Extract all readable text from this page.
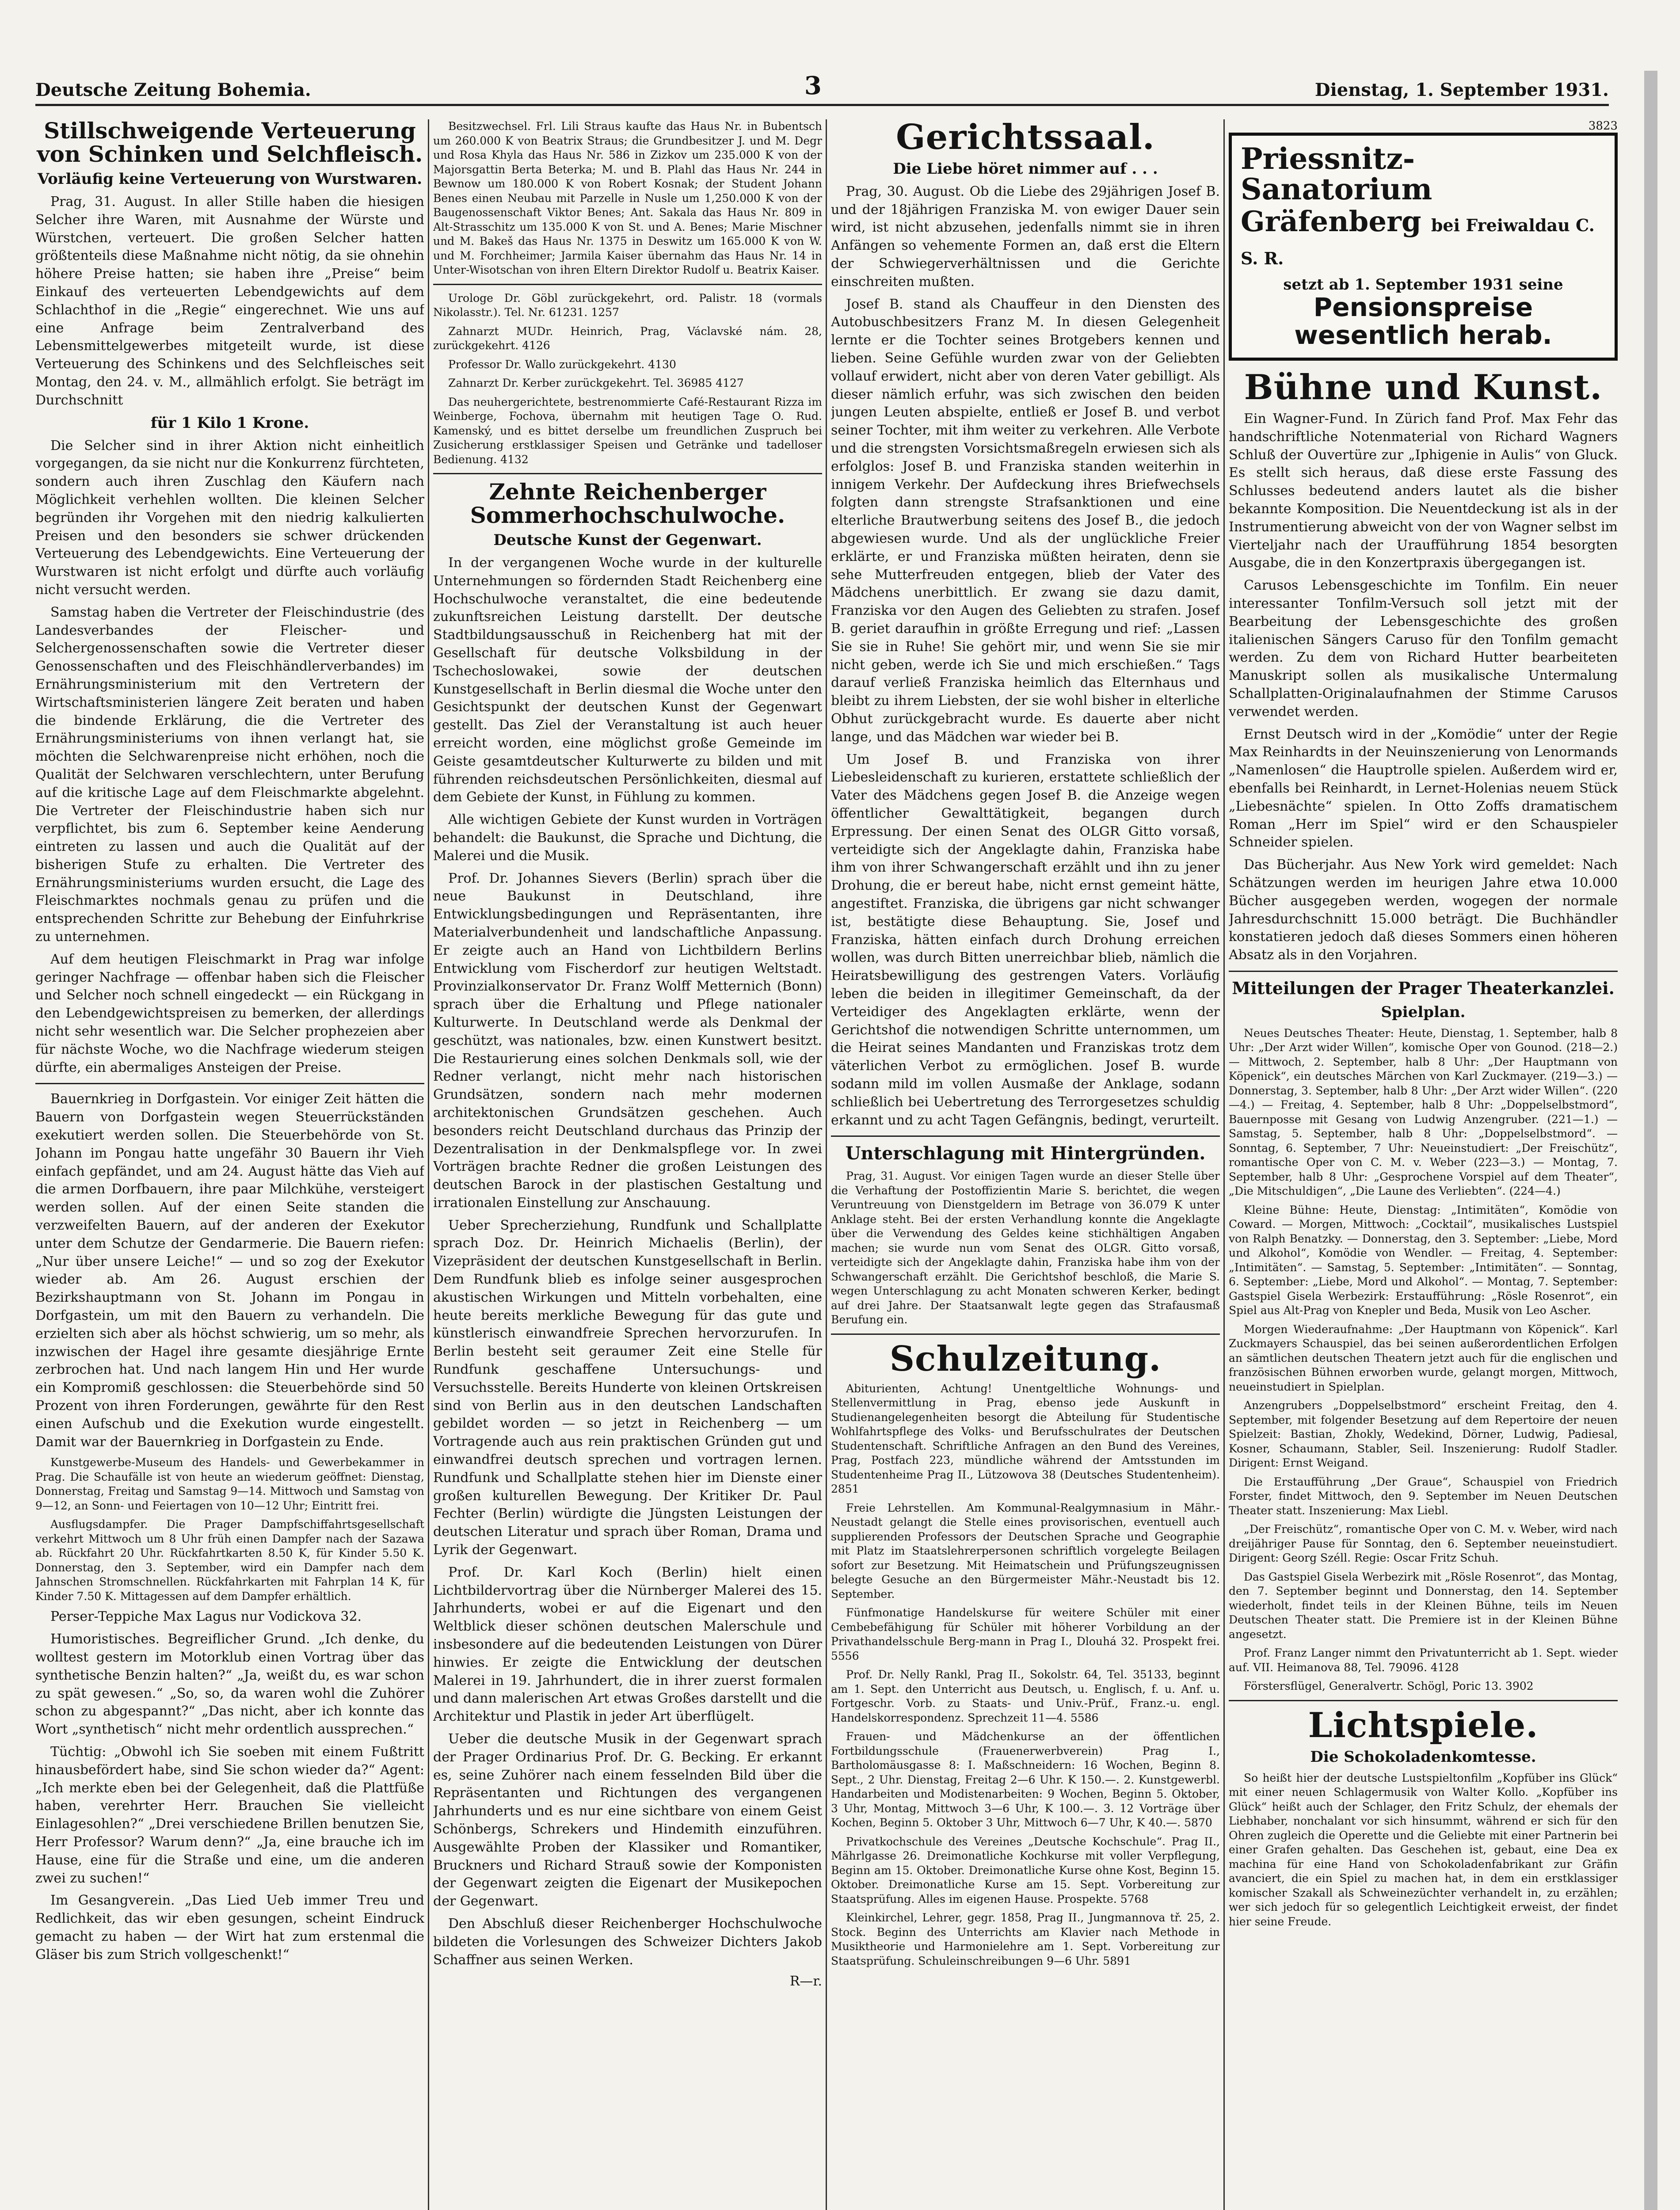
Deutsche Zeitung Bohemia.	3	Dienstag, 1. September 1931.
Stillschweigende Verteuerung von Schinken und Selchfleisch.
Vorläufig keine Verteuerung von Wurstwaren.

Prag, 31. August. In aller Stille haben die hiesigen Selcher ihre Waren, mit Ausnahme der Würste und Würstchen, verteuert. Die großen Selcher hatten größtenteils diese Maßnahme nicht nötig, da sie ohnehin höhere Preise hatten; sie haben ihre „Preise“ beim Einkauf des verteuerten Lebendgewichts auf dem Schlachthof in die „Regie“ eingerechnet. Wie uns auf eine Anfrage beim Zentralverband des Lebensmittelgewerbes mitgeteilt wurde, ist diese Verteuerung des Schinkens und des Selchfleisches seit Montag, den 24. v. M., allmählich erfolgt. Sie beträgt im Durchschnitt

für 1 Kilo 1 Krone.

Die Selcher sind in ihrer Aktion nicht einheitlich vorgegangen, da sie nicht nur die Konkurrenz fürchteten, sondern auch ihren Zuschlag den Käufern nach Möglichkeit verhehlen wollten. Die kleinen Selcher begründen ihr Vorgehen mit den niedrig kalkulierten Preisen und den besonders sie schwer drückenden Verteuerung des Lebendgewichts. Eine Verteuerung der Wurstwaren ist nicht erfolgt und dürfte auch vorläufig nicht versucht werden.

Samstag haben die Vertreter der Fleischindustrie (des Landesverbandes der Fleischer- und Selchergenossenschaften sowie die Vertreter dieser Genossenschaften und des Fleischhändlerverbandes) im Ernährungsministerium mit den Vertretern der Wirtschaftsministerien längere Zeit beraten und haben die bindende Erklärung, die die Vertreter des Ernährungsministeriums von ihnen verlangt hat, sie möchten die Selchwarenpreise nicht erhöhen, noch die Qualität der Selchwaren verschlechtern, unter Berufung auf die kritische Lage auf dem Fleischmarkte abgelehnt. Die Vertreter der Fleischindustrie haben sich nur verpflichtet, bis zum 6. September keine Aenderung eintreten zu lassen und auch die Qualität auf der bisherigen Stufe zu erhalten. Die Vertreter des Ernährungsministeriums wurden ersucht, die Lage des Fleischmarktes nochmals genau zu prüfen und die entsprechenden Schritte zur Behebung der Einfuhrkrise zu unternehmen.

Auf dem heutigen Fleischmarkt in Prag war infolge geringer Nachfrage — offenbar haben sich die Fleischer und Selcher noch schnell eingedeckt — ein Rückgang in den Lebendgewichtspreisen zu bemerken, der allerdings nicht sehr wesentlich war. Die Selcher prophezeien aber für nächste Woche, wo die Nachfrage wiederum steigen dürfte, ein abermaliges Ansteigen der Preise.

Bauernkrieg in Dorfgastein. Vor einiger Zeit hätten die Bauern von Dorfgastein wegen Steuerrückständen exekutiert werden sollen. Die Steuerbehörde von St. Johann im Pongau hatte ungefähr 30 Bauern ihr Vieh einfach gepfändet, und am 24. August hätte das Vieh auf die armen Dorfbauern, ihre paar Milchkühe, versteigert werden sollen. Auf der einen Seite standen die verzweifelten Bauern, auf der anderen der Exekutor unter dem Schutze der Gendarmerie. Die Bauern riefen: „Nur über unsere Leiche!“ — und so zog der Exekutor wieder ab. Am 26. August erschien der Bezirkshauptmann von St. Johann im Pongau in Dorfgastein, um mit den Bauern zu verhandeln. Die erzielten sich aber als höchst schwierig, um so mehr, als inzwischen der Hagel ihre gesamte diesjährige Ernte zerbrochen hat. Und nach langem Hin und Her wurde ein Kompromiß geschlossen: die Steuerbehörde sind 50 Prozent von ihren Forderungen, gewährte für den Rest einen Aufschub und die Exekution wurde eingestellt. Damit war der Bauernkrieg in Dorfgastein zu Ende.

Kunstgewerbe-Museum des Handels- und Gewerbekammer in Prag. Die Schaufälle ist von heute an wiederum geöffnet: Dienstag, Donnerstag, Freitag und Samstag 9—14. Mittwoch und Samstag von 9—12, an Sonn- und Feiertagen von 10—12 Uhr; Eintritt frei.

Ausflugsdampfer. Die Prager Dampfschiffahrtsgesellschaft verkehrt Mittwoch um 8 Uhr früh einen Dampfer nach der Sazawa ab. Rückfahrt 20 Uhr. Rückfahrtkarten 8.50 K, für Kinder 5.50 K. Donnerstag, den 3. September, wird ein Dampfer nach dem Jahnschen Stromschnellen. Rückfahrkarten mit Fahrplan 14 K, für Kinder 7.50 K. Mittagessen auf dem Dampfer erhältlich.

Perser-Teppiche Max Lagus nur Vodickova 32.

Humoristisches. Begreiflicher Grund. „Ich denke, du wolltest gestern im Motorklub einen Vortrag über das synthetische Benzin halten?“ „Ja, weißt du, es war schon zu spät gewesen.“ „So, so, da waren wohl die Zuhörer schon zu abgespannt?“ „Das nicht, aber ich konnte das Wort „synthetisch“ nicht mehr ordentlich aussprechen.“

Tüchtig: „Obwohl ich Sie soeben mit einem Fußtritt hinausbefördert habe, sind Sie schon wieder da?“ Agent: „Ich merkte eben bei der Gelegenheit, daß die Plattfüße haben, verehrter Herr. Brauchen Sie vielleicht Einlagesohlen?“ „Drei verschiedene Brillen benutzen Sie, Herr Professor? Warum denn?“ „Ja, eine brauche ich im Hause, eine für die Straße und eine, um die anderen zwei zu suchen!“

Im Gesangverein. „Das Lied Ueb immer Treu und Redlichkeit, das wir eben gesungen, scheint Eindruck gemacht zu haben — der Wirt hat zum erstenmal die Gläser bis zum Strich vollgeschenkt!“

Besitzwechsel. Frl. Lili Straus kaufte das Haus Nr. in Bubentsch um 260.000 K von Beatrix Straus; die Grundbesitzer J. und M. Degr und Rosa Khyla das Haus Nr. 586 in Zizkov um 235.000 K von der Majorsgattin Berta Beterka; M. und B. Plahl das Haus Nr. 244 in Bewnow um 180.000 K von Robert Kosnak; der Student Johann Benes einen Neubau mit Parzelle in Nusle um 1,250.000 K von der Baugenossenschaft Viktor Benes; Ant. Sakala das Haus Nr. 809 in Alt-Strasschitz um 135.000 K von St. und A. Benes; Marie Mischner und M. Bakeš das Haus Nr. 1375 in Deswitz um 165.000 K von W. und M. Forchheimer; Jarmila Kaiser übernahm das Haus Nr. 14 in Unter-Wisotschan von ihren Eltern Direktor Rudolf u. Beatrix Kaiser.

Urologe Dr. Göbl zurückgekehrt, ord. Palistr. 18 (vormals Nikolasstr.). Tel. Nr. 61231. 1257

Zahnarzt MUDr. Heinrich, Prag, Václavské nám. 28, zurückgekehrt. 4126

Professor Dr. Wallo zurückgekehrt. 4130

Zahnarzt Dr. Kerber zurückgekehrt. Tel. 36985 4127

Das neuhergerichtete, bestrenommierte Café-Restaurant Rizza im Weinberge, Fochova, übernahm mit heutigen Tage O. Rud. Kamenský, und es bittet derselbe um freundlichen Zuspruch bei Zusicherung erstklassiger Speisen und Getränke und tadelloser Bedienung. 4132

Zehnte Reichenberger Sommerhochschulwoche.
Deutsche Kunst der Gegenwart.

In der vergangenen Woche wurde in der kulturelle Unternehmungen so fördernden Stadt Reichenberg eine Hochschulwoche veranstaltet, die eine bedeutende zukunftsreichen Leistung darstellt. Der deutsche Stadtbildungsausschuß in Reichenberg hat mit der Gesellschaft für deutsche Volksbildung in der Tschechoslowakei, sowie der deutschen Kunstgesellschaft in Berlin diesmal die Woche unter den Gesichtspunkt der deutschen Kunst der Gegenwart gestellt. Das Ziel der Veranstaltung ist auch heuer erreicht worden, eine möglichst große Gemeinde im Geiste gesamtdeutscher Kulturwerte zu bilden und mit führenden reichsdeutschen Persönlichkeiten, diesmal auf dem Gebiete der Kunst, in Fühlung zu kommen.

Alle wichtigen Gebiete der Kunst wurden in Vorträgen behandelt: die Baukunst, die Sprache und Dichtung, die Malerei und die Musik.

Prof. Dr. Johannes Sievers (Berlin) sprach über die neue Baukunst in Deutschland, ihre Entwicklungsbedingungen und Repräsentanten, ihre Materialverbundenheit und landschaftliche Anpassung. Er zeigte auch an Hand von Lichtbildern Berlins Entwicklung vom Fischerdorf zur heutigen Weltstadt. Provinzialkonservator Dr. Franz Wolff Metternich (Bonn) sprach über die Erhaltung und Pflege nationaler Kulturwerte. In Deutschland werde als Denkmal der geschützt, was nationales, bzw. einen Kunstwert besitzt. Die Restaurierung eines solchen Denkmals soll, wie der Redner verlangt, nicht mehr nach historischen Grundsätzen, sondern nach mehr modernen architektonischen Grundsätzen geschehen. Auch besonders reicht Deutschland durchaus das Prinzip der Dezentralisation in der Denkmalspflege vor. In zwei Vorträgen brachte Redner die großen Leistungen des deutschen Barock in der plastischen Gestaltung und irrationalen Einstellung zur Anschauung.

Ueber Sprecherziehung, Rundfunk und Schallplatte sprach Doz. Dr. Heinrich Michaelis (Berlin), der Vizepräsident der deutschen Kunstgesellschaft in Berlin. Dem Rundfunk blieb es infolge seiner ausgesprochen akustischen Wirkungen und Mitteln vorbehalten, eine heute bereits merkliche Bewegung für das gute und künstlerisch einwandfreie Sprechen hervorzurufen. In Berlin besteht seit geraumer Zeit eine Stelle für Rundfunk geschaffene Untersuchungs- und Versuchsstelle. Bereits Hunderte von kleinen Ortskreisen sind von Berlin aus in den deutschen Landschaften gebildet worden — so jetzt in Reichenberg — um Vortragende auch aus rein praktischen Gründen gut und einwandfrei deutsch sprechen und vortragen lernen. Rundfunk und Schallplatte stehen hier im Dienste einer großen kulturellen Bewegung. Der Kritiker Dr. Paul Fechter (Berlin) würdigte die Jüngsten Leistungen der deutschen Literatur und sprach über Roman, Drama und Lyrik der Gegenwart.

Prof. Dr. Karl Koch (Berlin) hielt einen Lichtbildervortrag über die Nürnberger Malerei des 15. Jahrhunderts, wobei er auf die Eigenart und den Weltblick dieser schönen deutschen Malerschule und insbesondere auf die bedeutenden Leistungen von Dürer hinwies. Er zeigte die Entwicklung der deutschen Malerei in 19. Jahrhundert, die in ihrer zuerst formalen und dann malerischen Art etwas Großes darstellt und die Architektur und Plastik in jeder Art überflügelt.

Ueber die deutsche Musik in der Gegenwart sprach der Prager Ordinarius Prof. Dr. G. Becking. Er erkannt es, seine Zuhörer nach einem fesselnden Bild über die Repräsentanten und Richtungen des vergangenen Jahrhunderts und es nur eine sichtbare von einem Geist Schönbergs, Schrekers und Hindemith einzuführen. Ausgewählte Proben der Klassiker und Romantiker, Bruckners und Richard Strauß sowie der Komponisten der Gegenwart zeigten die Eigenart der Musikepochen der Gegenwart.

Den Abschluß dieser Reichenberger Hochschulwoche bildeten die Vorlesungen des Schweizer Dichters Jakob Schaffner aus seinen Werken.

R—r.
Gerichtssaal.
Die Liebe höret nimmer auf . . .

Prag, 30. August. Ob die Liebe des 29jährigen Josef B. und der 18jährigen Franziska M. von ewiger Dauer sein wird, ist nicht abzusehen, jedenfalls nimmt sie in ihren Anfängen so vehemente Formen an, daß erst die Eltern der Schwiegerverhältnissen und die Gerichte einschreiten mußten.

Josef B. stand als Chauffeur in den Diensten des Autobuschbesitzers Franz M. In diesen Gelegenheit lernte er die Tochter seines Brotgebers kennen und lieben. Seine Gefühle wurden zwar von der Geliebten vollauf erwidert, nicht aber von deren Vater gebilligt. Als dieser nämlich erfuhr, was sich zwischen den beiden jungen Leuten abspielte, entließ er Josef B. und verbot seiner Tochter, mit ihm weiter zu verkehren. Alle Verbote und die strengsten Vorsichtsmaßregeln erwiesen sich als erfolglos: Josef B. und Franziska standen weiterhin in innigem Verkehr. Der Aufdeckung ihres Briefwechsels folgten dann strengste Strafsanktionen und eine elterliche Brautwerbung seitens des Josef B., die jedoch abgewiesen wurde. Und als der unglückliche Freier erklärte, er und Franziska müßten heiraten, denn sie sehe Mutterfreuden entgegen, blieb der Vater des Mädchens unerbittlich. Er zwang sie dazu damit, Franziska vor den Augen des Geliebten zu strafen. Josef B. geriet daraufhin in größte Erregung und rief: „Lassen Sie sie in Ruhe! Sie gehört mir, und wenn Sie sie mir nicht geben, werde ich Sie und mich erschießen.“ Tags darauf verließ Franziska heimlich das Elternhaus und bleibt zu ihrem Liebsten, der sie wohl bisher in elterliche Obhut zurückgebracht wurde. Es dauerte aber nicht lange, und das Mädchen war wieder bei B.

Um Josef B. und Franziska von ihrer Liebesleidenschaft zu kurieren, erstattete schließlich der Vater des Mädchens gegen Josef B. die Anzeige wegen öffentlicher Gewalttätigkeit, begangen durch Erpressung. Der einen Senat des OLGR Gitto vorsaß, verteidigte sich der Angeklagte dahin, Franziska habe ihm von ihrer Schwangerschaft erzählt und ihn zu jener Drohung, die er bereut habe, nicht ernst gemeint hätte, angestiftet. Franziska, die übrigens gar nicht schwanger ist, bestätigte diese Behauptung. Sie, Josef und Franziska, hätten einfach durch Drohung erreichen wollen, was durch Bitten unerreichbar blieb, nämlich die Heiratsbewilligung des gestrengen Vaters. Vorläufig leben die beiden in illegitimer Gemeinschaft, da der Verteidiger des Angeklagten erklärte, wenn der Gerichtshof die notwendigen Schritte unternommen, um die Heirat seines Mandanten und Franziskas trotz dem väterlichen Verbot zu ermöglichen. Josef B. wurde sodann mild im vollen Ausmaße der Anklage, sodann schließlich bei Uebertretung des Terrorgesetzes schuldig erkannt und zu acht Tagen Gefängnis, bedingt, verurteilt.

Unterschlagung mit Hintergründen.

Prag, 31. August. Vor einigen Tagen wurde an dieser Stelle über die Verhaftung der Postoffizientin Marie S. berichtet, die wegen Veruntreuung von Dienstgeldern im Betrage von 36.079 K unter Anklage steht. Bei der ersten Verhandlung konnte die Angeklagte über die Verwendung des Geldes keine stichhältigen Angaben machen; sie wurde nun vom Senat des OLGR. Gitto vorsaß, verteidigte sich der Angeklagte dahin, Franziska habe ihm von der Schwangerschaft erzählt. Die Gerichtshof beschloß, die Marie S. wegen Unterschlagung zu acht Monaten schweren Kerker, bedingt auf drei Jahre. Der Staatsanwalt legte gegen das Strafausmaß Berufung ein.

Schulzeitung.

Abiturienten, Achtung! Unentgeltliche Wohnungs- und Stellenvermittlung in Prag, ebenso jede Auskunft in Studienangelegenheiten besorgt die Abteilung für Studentische Wohlfahrtspflege des Volks- und Berufsschulrates der Deutschen Studentenschaft. Schriftliche Anfragen an den Bund des Vereines, Prag, Postfach 223, mündliche während der Amtsstunden im Studentenheime Prag II., Lützowova 38 (Deutsches Studentenheim). 2851

Freie Lehrstellen. Am Kommunal-Realgymnasium in Mähr.-Neustadt gelangt die Stelle eines provisorischen, eventuell auch supplierenden Professors der Deutschen Sprache und Geographie mit Platz im Staatslehrerpersonen schriftlich vorgelegte Beilagen sofort zur Besetzung. Mit Heimatschein und Prüfungszeugnissen belegte Gesuche an den Bürgermeister Mähr.-Neustadt bis 12. September.

Fünfmonatige Handelskurse für weitere Schüler mit einer Cembebefähigung für Schüler mit höherer Vorbildung an der Privathandelsschule Berg-mann in Prag I., Dlouhá 32. Prospekt frei. 5556

Prof. Dr. Nelly Rankl, Prag II., Sokolstr. 64, Tel. 35133, beginnt am 1. Sept. den Unterricht aus Deutsch, u. Englisch, f. u. Anf. u. Fortgeschr. Vorb. zu Staats- und Univ.-Prüf., Franz.-u. engl. Handelskorrespondenz. Sprechzeit 11—4. 5586

Frauen- und Mädchenkurse an der öffentlichen Fortbildungsschule (Frauenerwerbverein) Prag I., Bartholomäusgasse 8: I. Maßschneidern: 16 Wochen, Beginn 8. Sept., 2 Uhr. Dienstag, Freitag 2—6 Uhr. K 150.—. 2. Kunstgewerbl. Handarbeiten und Modistenarbeiten: 9 Wochen, Beginn 5. Oktober, 3 Uhr, Montag, Mittwoch 3—6 Uhr, K 100.—. 3. 12 Vorträge über Kochen, Beginn 5. Oktober 3 Uhr, Mittwoch 6—7 Uhr, K 40.—. 5870

Privatkochschule des Vereines „Deutsche Kochschule“. Prag II., Mährlgasse 26. Dreimonatliche Kochkurse mit voller Verpflegung, Beginn am 15. Oktober. Dreimonatliche Kurse ohne Kost, Beginn 15. Oktober. Dreimonatliche Kurse am 15. Sept. Vorbereitung zur Staatsprüfung. Alles im eigenen Hause. Prospekte. 5768

Kleinkirchel, Lehrer, gegr. 1858, Prag II., Jungmannova tř. 25, 2. Stock. Beginn des Unterrichts am Klavier nach Methode in Musiktheorie und Harmonielehre am 1. Sept. Vorbereitung zur Staatsprüfung. Schuleinschreibungen 9—6 Uhr. 5891

3823
Priessnitz-Sanatorium
Gräfenberg bei Freiwaldau C. S. R.
setzt ab 1. September 1931 seine
Pensionspreise wesentlich herab.
Bühne und Kunst.

Ein Wagner-Fund. In Zürich fand Prof. Max Fehr das handschriftliche Notenmaterial von Richard Wagners Schluß der Ouvertüre zur „Iphigenie in Aulis“ von Gluck. Es stellt sich heraus, daß diese erste Fassung des Schlusses bedeutend anders lautet als die bisher bekannte Komposition. Die Neuentdeckung ist als in der Instrumentierung abweicht von der von Wagner selbst im Vierteljahr nach der Uraufführung 1854 besorgten Ausgabe, die in den Konzertpraxis übergegangen ist.

Carusos Lebensgeschichte im Tonfilm. Ein neuer interessanter Tonfilm-Versuch soll jetzt mit der Bearbeitung der Lebensgeschichte des großen italienischen Sängers Caruso für den Tonfilm gemacht werden. Zu dem von Richard Hutter bearbeiteten Manuskript sollen als musikalische Untermalung Schallplatten-Originalaufnahmen der Stimme Carusos verwendet werden.

Ernst Deutsch wird in der „Komödie“ unter der Regie Max Reinhardts in der Neuinszenierung von Lenormands „Namenlosen“ die Hauptrolle spielen. Außerdem wird er, ebenfalls bei Reinhardt, in Lernet-Holenias neuem Stück „Liebesnächte“ spielen. In Otto Zoffs dramatischem Roman „Herr im Spiel“ wird er den Schauspieler Schneider spielen.

Das Bücherjahr. Aus New York wird gemeldet: Nach Schätzungen werden im heurigen Jahre etwa 10.000 Bücher ausgegeben werden, wogegen der normale Jahresdurchschnitt 15.000 beträgt. Die Buchhändler konstatieren jedoch daß dieses Sommers einen höheren Absatz als in den Vorjahren.

Mitteilungen der Prager Theaterkanzlei.
Spielplan.

Neues Deutsches Theater: Heute, Dienstag, 1. September, halb 8 Uhr: „Der Arzt wider Willen“, komische Oper von Gounod. (218—2.) — Mittwoch, 2. September, halb 8 Uhr: „Der Hauptmann von Köpenick“, ein deutsches Märchen von Karl Zuckmayer. (219—3.) — Donnerstag, 3. September, halb 8 Uhr: „Der Arzt wider Willen“. (220—4.) — Freitag, 4. September, halb 8 Uhr: „Doppelselbstmord“, Bauernposse mit Gesang von Ludwig Anzengruber. (221—1.) — Samstag, 5. September, halb 8 Uhr: „Doppelselbstmord“. — Sonntag, 6. September, 7 Uhr: Neueinstudiert: „Der Freischütz“, romantische Oper von C. M. v. Weber (223—3.) — Montag, 7. September, halb 8 Uhr: „Gesprochene Vorspiel auf dem Theater“, „Die Mitschuldigen“, „Die Laune des Verliebten“. (224—4.)

Kleine Bühne: Heute, Dienstag: „Intimitäten“, Komödie von Coward. — Morgen, Mittwoch: „Cocktail“, musikalisches Lustspiel von Ralph Benatzky. — Donnerstag, den 3. September: „Liebe, Mord und Alkohol“, Komödie von Wendler. — Freitag, 4. September: „Intimitäten“. — Samstag, 5. September: „Intimitäten“. — Sonntag, 6. September: „Liebe, Mord und Alkohol“. — Montag, 7. September: Gastspiel Gisela Werbezirk: Erstaufführung: „Rösle Rosenrot“, ein Spiel aus Alt-Prag von Knepler und Beda, Musik von Leo Ascher.

Morgen Wiederaufnahme: „Der Hauptmann von Köpenick“. Karl Zuckmayers Schauspiel, das bei seinen außerordentlichen Erfolgen an sämtlichen deutschen Theatern jetzt auch für die englischen und französischen Bühnen erworben wurde, gelangt morgen, Mittwoch, neueinstudiert in Spielplan.

Anzengrubers „Doppelselbstmord“ erscheint Freitag, den 4. September, mit folgender Besetzung auf dem Repertoire der neuen Spielzeit: Bastian, Zhokly, Wedekind, Dörner, Ludwig, Padiesal, Kosner, Schaumann, Stabler, Seil. Inszenierung: Rudolf Stadler. Dirigent: Ernst Weigand.

Die Erstaufführung „Der Graue“, Schauspiel von Friedrich Forster, findet Mittwoch, den 9. September im Neuen Deutschen Theater statt. Inszenierung: Max Liebl.

„Der Freischütz“, romantische Oper von C. M. v. Weber, wird nach dreijähriger Pause für Sonntag, den 6. September neueinstudiert. Dirigent: Georg Széll. Regie: Oscar Fritz Schuh.

Das Gastspiel Gisela Werbezirk mit „Rösle Rosenrot“, das Montag, den 7. September beginnt und Donnerstag, den 14. September wiederholt, findet teils in der Kleinen Bühne, teils im Neuen Deutschen Theater statt. Die Premiere ist in der Kleinen Bühne angesetzt.

Prof. Franz Langer nimmt den Privatunterricht ab 1. Sept. wieder auf. VII. Heimanova 88, Tel. 79096. 4128

Förstersflügel, Generalvertr. Schögl, Poric 13. 3902

Lichtspiele.
Die Schokoladenkomtesse.

So heißt hier der deutsche Lustspieltonfilm „Kopfüber ins Glück“ mit einer neuen Schlagermusik von Walter Kollo. „Kopfüber ins Glück“ heißt auch der Schlager, den Fritz Schulz, der ehemals der Liebhaber, nonchalant vor sich hinsummt, während er sich für den Ohren zugleich die Operette und die Geliebte mit einer Partnerin bei einer Grafen gehalten. Das Geschehen ist, gebaut, eine Dea ex machina für eine Hand von Schokoladenfabrikant zur Gräfin avanciert, die ein Spiel zu machen hat, in dem ein erstklassiger komischer Szakall als Schweinezüchter verhandelt in, zu erzählen; wer sich jedoch für so gelegentlich Leichtigkeit erweist, der findet hier seine Freude.
